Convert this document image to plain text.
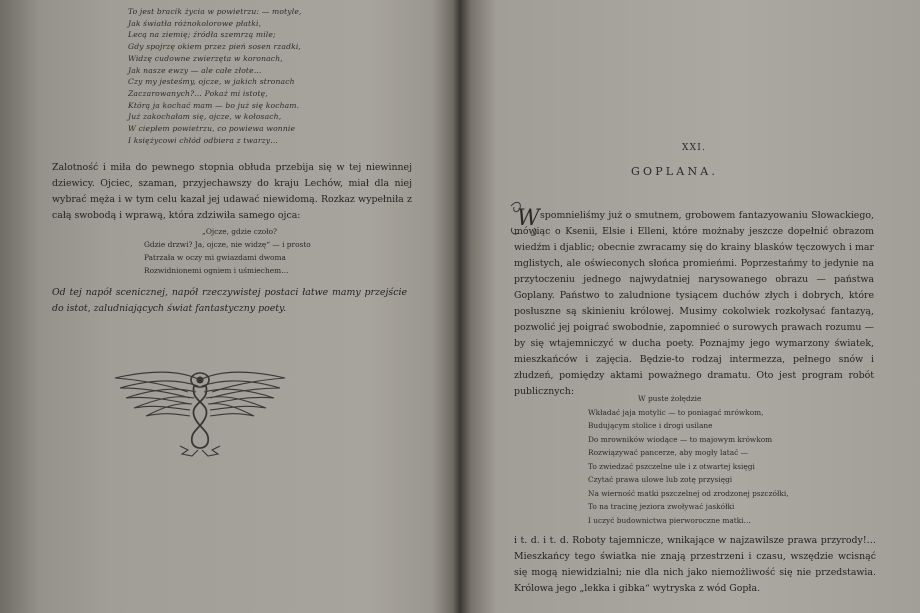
To jest bracik życia w powietrzu: — motyle,
Jak światła różnokolorowe płatki,
Lecą na ziemię; źródła szemrzą mile;
Gdy spojrzę okiem przez pień sosen rzadki,
Widzę cudowne zwierzęta w koronach,
Jak nasze ewzy — ale całe złote…
Czy my jesteśmy, ojcze, w jakich stronach
Zaczarowanych?… Pokaż mi istotę,
Którą ja kochać mam — bo już się kocham.
Już zakochałam się, ojcze, w kołosach,
W ciepłem powietrzu, co powiewa wonnie
I księżycowi chłód odbiera z twarzy…

Zalotność i miła do pewnego stopnia obłuda przebija się w tej niewinnej dziewicy. Ojciec, szaman, przyjechawszy do kraju Lechów, miał dla niej wybrać męża i w tym celu kazał jej udawać niewidomą. Rozkaz wypełniła z całą swobodą i wprawą, która zdziwiła samego ojca:

„Ojcze, gdzie czoło?
Gdzie drzwi? Ja, ojcze, nie widzę“ — i prosto
Patrzała w oczy mi gwiazdami dwoma
Rozwidnionemi ogniem i uśmiechem…

Od tej napół scenicznej, napół rzeczywistej postaci łatwe mamy przejście do istot, zaludniających świat fantastyczny poety.

XXI.
GOPLANA.
W spomnieliśmy już o smutnem, grobowem fantazyowaniu Słowackiego, mówiąc o Ksenii, Elsie i Elleni, które możnaby jeszcze dopełnić obrazom wiedźm i djablic; obecnie zwracamy się do krainy blasków tęczowych i mar mglistych, ale oświeconych słońca promieńmi. Poprzestańmy to jedynie na przytoczeniu jednego najwydatniej narysowanego obrazu — państwa Goplany. Państwo to zaludnione tysiącem duchów złych i dobrych, które posłuszne są skinieniu królowej. Musimy cokolwiek rozkołysać fantazyą, pozwolić jej poigrać swobodnie, zapomnieć o surowych prawach rozumu — by się wtajemniczyć w ducha poety. Poznajmy jego wymarzony światek, mieszkańców i zajęcia. Będzie-to rodzaj intermezza, pełnego snów i złudzeń, pomiędzy aktami poważnego dramatu. Oto jest program robót publicznych:

W puste żołędzie
Wkładać jaja motylic — to poniagać mrówkom,
Budującym stolice i drogi usilane
Do mrowników wiodące — to majowym krówkom
Rozwiązywać pancerze, aby mogły latać —
To zwiedzać pszczelne ule i z otwartej księgi
Czytać prawa ulowe lub zotę przysięgi
Na wierność matki pszczelnej od zrodzonej pszczółki,
To na tracinę jeziora zwoływać jaskółki
I uczyć budownictwa pierworoczne matki…

i t. d. i t. d. Roboty tajemnicze, wnikające w najzawilsze prawa przyrody!… Mieszkańcy tego światka nie znają przestrzeni i czasu, wszędzie wcisnąć się mogą niewidzialni; nie dla nich jako niemożliwość się nie przedstawia. Królowa jego „lekka i gibka“ wytryska z wód Gopła.
